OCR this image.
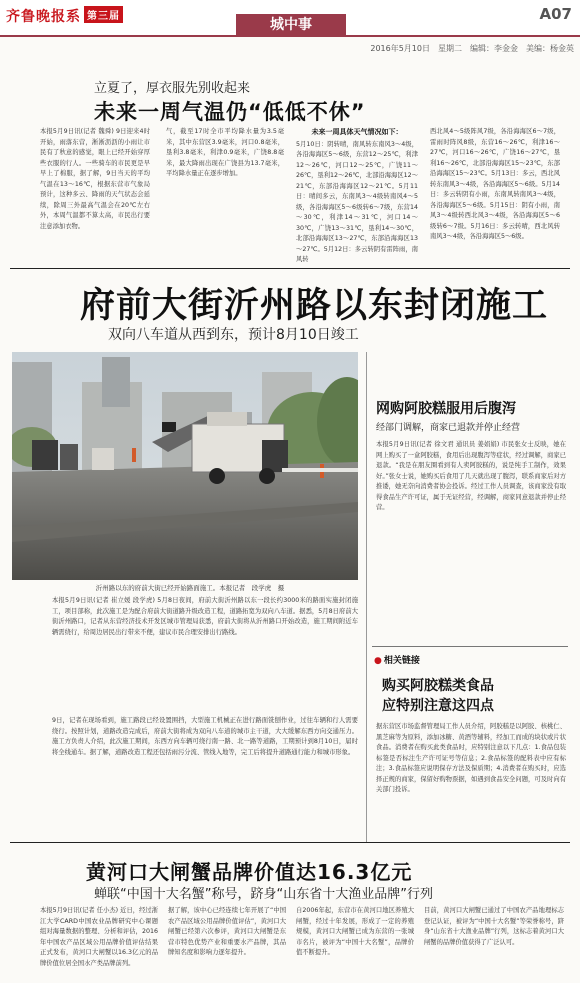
齐鲁晚报系 第三届
城中事
A07
2016年5月10日　星期二　编辑：李金金　美编：杨金英
立夏了，厚衣服先别收起来
未来一周气温仍“低低不休”
本报5月9日讯(记者 魏舜) 9日迎来4时开始，雨落东营，淅淅沥沥的小雨让市民有了秋意的感觉，眼上已经开始穿厚些衣服的行人。一些骑车的市民更是早早上了棉服，据了解，9日当天的平均气温在13～16℃，根据东营市气象局预计，这种多云、降雨的天气状态会延续，除周三外最高气温会在20℃左右外，本周气温都不算太高，市民出行要注意添加衣物。
气，截至17时全市平均降水量为3.5毫米，其中东营区3.9毫米，河口0.8毫米，垦利3.8毫米，利津0.9毫米，广饶8.8毫米，最大降雨出现在广饶县为13.7毫米，平均降水量正在逐步增加。
未来一周具体天气情况如下：
5月10日：阴转晴，南风转东南风3～4级，各沿海海区5～6级，东营12～25℃，利津12～26℃，河口12～25℃，广饶11～26℃，垦利12～26℃，北部沿海海区12～21℃，东部沿海海区12～21℃。5月11日：晴间多云，东南风3～4级转南风4～5级，各沿海海区5～6级转6～7级，东营14～30℃，利津14～31℃，河口14～30℃，广饶13～31℃，垦利14～30℃，北部沿海海区13～27℃，东部沿海海区13～27℃。5月12日：多云转阴有雷阵雨，南风转
西北风4～5级阵风7级，各沿海海区6～7级，雷雨时阵风8级，东营16～26℃，利津16～27℃，河口16～26℃，广饶16～27℃，垦利16～26℃，北部沿海海区15～23℃，东部沿海海区15～23℃。5月13日：多云，西北风转东南风3～4级，各沿海海区5～6级。5月14日：多云转阴有小雨，东南风转南风3～4级，各沿海海区5～6级。5月15日：阴有小雨，南风3～4级转西北风3～4级，各沿海海区5～6级转6～7级。5月16日：多云转晴，西北风转南风3～4级，各沿海海区5～6级。
府前大街沂州路以东封闭施工
双向八车道从西到东，预计8月10日竣工
沂州路以东的府前大街已经开始路面施工。本报记者　段学虎　摄
本报5月9日讯(记者 崔立媛 段学虎) 5月8日夜间，府前大街沂州路以东一段长约3000米的路面实施封闭施工，项目部称，此次施工是为配合府前大街道路升级改造工程，道路拓宽为双向八车道。据悉，5月8日府前大街沂州路口，记者从东营经济技术开发区城市管理局获悉，府前大街将从沂州路口开始改造，施工期间附近车辆需绕行，给周边居民出行带来不便，建议市民合理安排出行路线。
9日，记者在现场看到，施工路段已经设置围挡，大型施工机械正在进行路面铣刨作业，过往车辆和行人需要绕行。按照计划，道路改造完成后，府前大街将成为双向八车道的城市主干道，大大缓解东西方向交通压力。施工方负责人介绍，此次施工期间，东西方向车辆可绕行南一路、北一路等道路，工期预计到8月10日，届时将全线通车。据了解，道路改造工程还包括雨污分流、管线入地等，完工后将提升道路通行能力和城市形象。
网购阿胶糕服用后腹泻
经部门调解，商家已退款并停止经营
本报5月9日讯(记者 徐文君 通讯员 姜娟娟) 市民张女士反映，她在网上购买了一盒阿胶糕，食用后出现腹泻等症状，经过调解，商家已退款。“我是在朋友圈看到有人卖阿胶糕的，说是纯手工制作，效果好。”张女士说，她购买后食用了几天就出现了腹泻，联系商家后对方推诿，她无奈向消费者协会投诉。经过工作人员调查，该商家没有取得食品生产许可证，属于无证经营，经调解，商家同意退款并停止经营。
● 相关链接
购买阿胶糕类食品
应特别注意这四点
据东营区市场监督管理局工作人员介绍，阿胶糕是以阿胶、核桃仁、黑芝麻等为原料，添加冰糖、黄酒等辅料，经加工而成的块状或片状食品。消费者在购买此类食品时，应特别注意以下几点：1.食品包装标签是否标注生产许可证号等信息；2.食品标签的配料表中应有标注；3.食品标签应说明保存方法及保质期；4.消费者在购买时，应选择正规的商家，保留好购物票据，如遇到食品安全问题，可及时向有关部门投诉。
黄河口大闸蟹品牌价值达16.3亿元
蝉联“中国十大名蟹”称号，跻身“山东省十大渔业品牌”行列
本报5月9日讯(记者 任小杰) 近日，经过浙江大学CARD中国农业品牌研究中心课题组对海量数据的整理、分析和评估，2016年中国农产品区域公用品牌价值评估结果正式发布，黄河口大闸蟹以16.3亿元的品牌价值位居全国水产类品牌前列。
据了解，该中心已经连续七年开展了“中国农产品区域公用品牌价值评估”，黄河口大闸蟹已经第六次参评，黄河口大闸蟹是东营市特色优势产业和重要水产品牌，其品牌知名度和影响力逐年提升。
自2006年起，东营市在黄河口地区养殖大闸蟹，经过十年发展，形成了一定的养殖规模，黄河口大闸蟹已成为东营的一张城市名片，被评为“中国十大名蟹”，品牌价值不断提升。
目前，黄河口大闸蟹已通过了中国农产品地理标志登记认证，被评为“中国十大名蟹”等荣誉称号，跻身“山东省十大渔业品牌”行列，这标志着黄河口大闸蟹的品牌价值获得了广泛认可。
